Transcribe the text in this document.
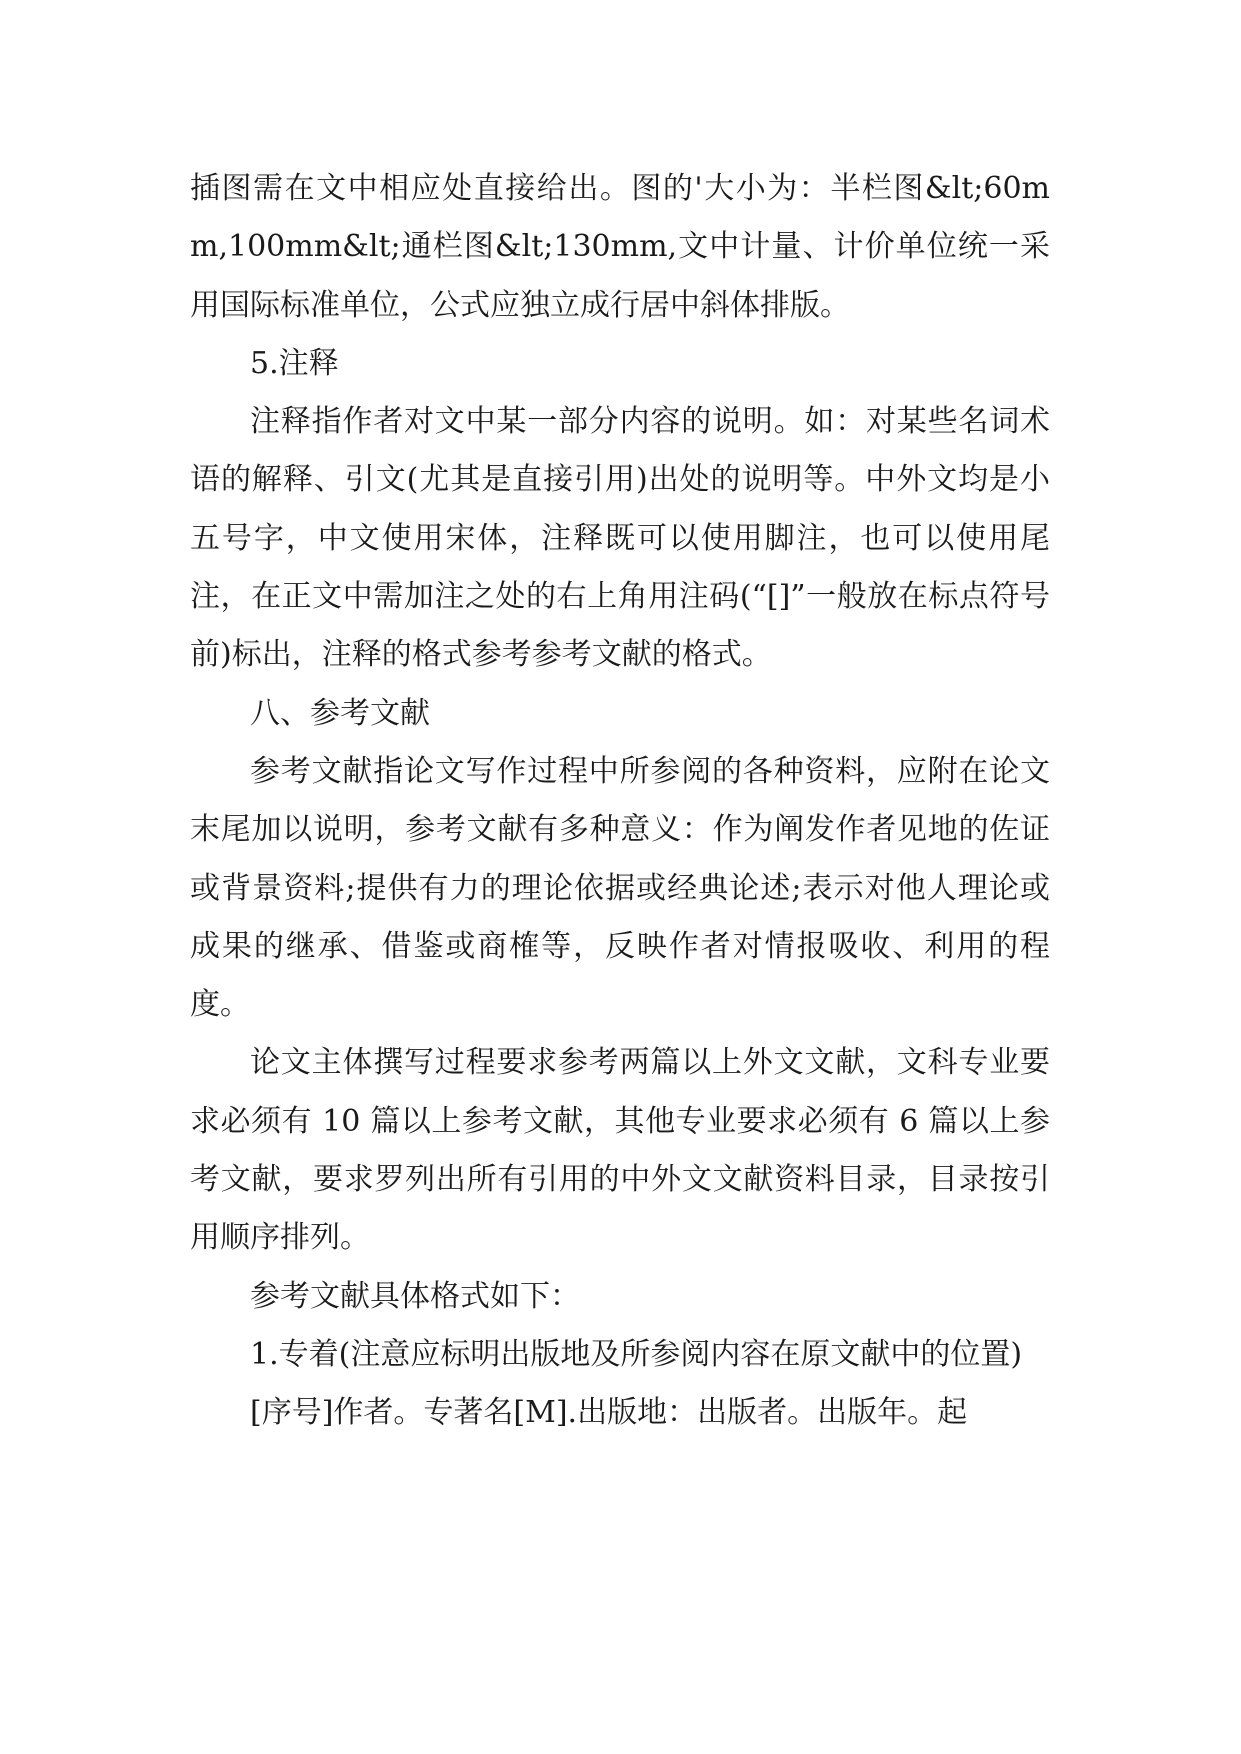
插图需在文中相应处直接给出。图的'大小为：半栏图&lt;60mm,100mm&lt;通栏图&lt;130mm,文中计量、计价单位统一采用国际标准单位，公式应独立成行居中斜体排版。

5.注释

注释指作者对文中某一部分内容的说明。如：对某些名词术语的解释、引文(尤其是直接引用)出处的说明等。中外文均是小五号字，中文使用宋体，注释既可以使用脚注，也可以使用尾注，在正文中需加注之处的右上角用注码(“[]”一般放在标点符号前)标出，注释的格式参考参考文献的格式。

八、参考文献

参考文献指论文写作过程中所参阅的各种资料，应附在论文末尾加以说明，参考文献有多种意义：作为阐发作者见地的佐证或背景资料;提供有力的理论依据或经典论述;表示对他人理论或成果的继承、借鉴或商榷等，反映作者对情报吸收、利用的程度。

论文主体撰写过程要求参考两篇以上外文文献，文科专业要求必须有 10 篇以上参考文献，其他专业要求必须有 6 篇以上参考文献，要求罗列出所有引用的中外文文献资料目录，目录按引用顺序排列。

参考文献具体格式如下：

1.专着(注意应标明出版地及所参阅内容在原文献中的位置)

[序号]作者。专著名[M].出版地：出版者。出版年。起
